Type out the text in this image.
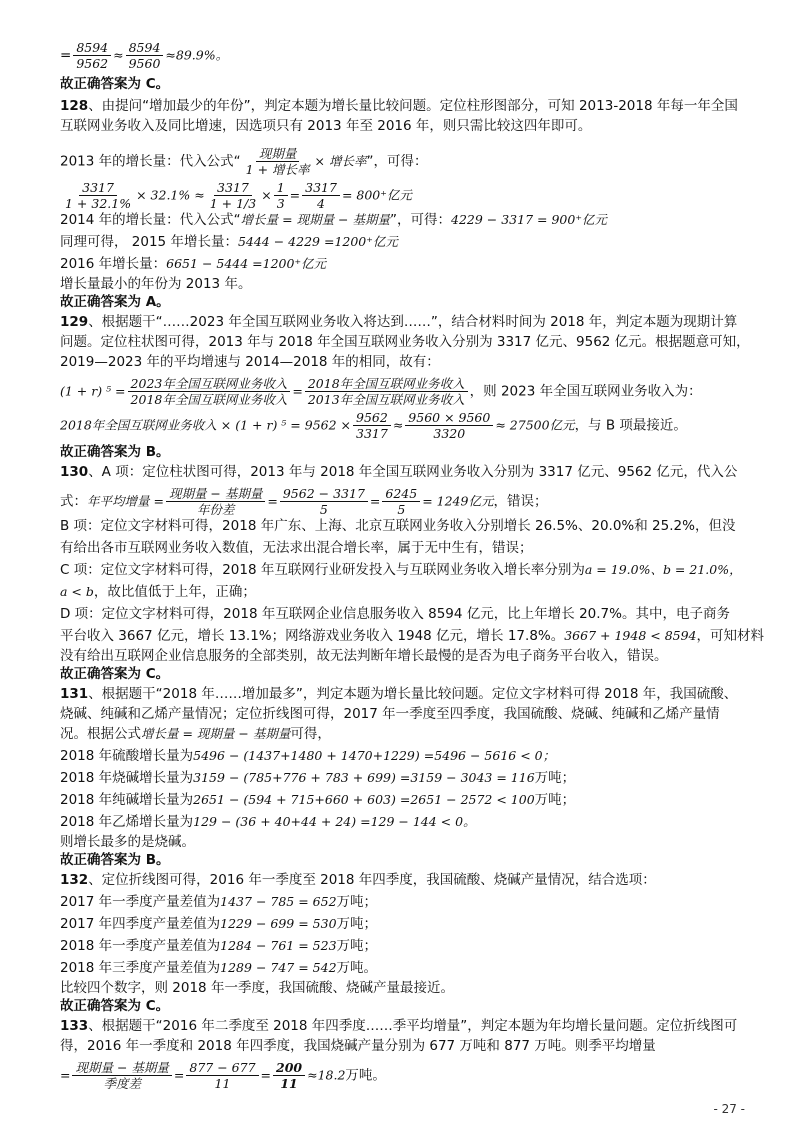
= $\frac{8594}{9562} \approx \frac{8594}{9560} \approx 89.9\%$。
故正确答案为 C。
128、由提问“增加最少的年份”，判定本题为增长量比较问题。定位柱形图部分，可知 2013-2018 年每一年全国
互联网业务收入及同比增速，因选项只有 2013 年至 2016 年，则只需比较这四年即可。
2013 年的增长量：代入公式“ $\frac{\text{现期量}}{\text{1 + 增长率}}$ × 增长率”，可得：
$\frac{3317}{1 + 32.1\%} \times 32.1\% \approx \frac{3317}{1 + 1/3} \times \frac{1}{3} = \frac{3317}{4} = 800^+$亿元
2014 年的增长量：代入公式“增长量 = 现期量 − 基期量”，可得：4229 − 3317 = 900⁺亿元
同理可得， 2015 年增长量：5444 − 4229 =1200⁺亿元
2016 年增长量：6651 − 5444 =1200⁺亿元
增长量最小的年份为 2013 年。
故正确答案为 A。
129、根据题干“……2023 年全国互联网业务收入将达到……”，结合材料时间为 2018 年，判定本题为现期计算
问题。定位柱状图可得，2013 年与 2018 年全国互联网业务收入分别为 3317 亿元、9562 亿元。根据题意可知，
2019—2023 年的平均增速与 2014—2018 年的相同，故有：
(1 + r) $^5 = \frac{\text{2023年全国互联网业务收入}}{\text{2018年全国互联网业务收入}} = \frac{\text{2018年全国互联网业务收入}}{\text{2013年全国互联网业务收入}}$ ，则 2023 年全国互联网业务收入为：
2018年全国互联网业务收入 × (1 + r) $^5 = 9562 \times \frac{9562}{3317} \approx \frac{9560 \times 9560}{3320} \approx 27500$亿元，与 B 项最接近。
故正确答案为 B。
130、A 项：定位柱状图可得，2013 年与 2018 年全国互联网业务收入分别为 3317 亿元、9562 亿元，代入公
式：年平均增量 = $\frac{\text{现期量 − 基期量}}{\text{年份差}} = \frac{9562 - 3317}{5} = \frac{6245}{5} = 1249$亿元，错误；
B 项：定位文字材料可得，2018 年广东、上海、北京互联网业务收入分别增长 26.5%、20.0%和 25.2%，但没
有给出各市互联网业务收入数值，无法求出混合增长率，属于无中生有，错误；
C 项：定位文字材料可得，2018 年互联网行业研发投入与互联网业务收入增长率分别为a = 19.0%、b = 21.0%，
a < b，故比值低于上年，正确；
D 项：定位文字材料可得，2018 年互联网企业信息服务收入 8594 亿元，比上年增长 20.7%。其中，电子商务
平台收入 3667 亿元，增长 13.1%；网络游戏业务收入 1948 亿元，增长 17.8%。3667 + 1948 < 8594，可知材料
没有给出互联网企业信息服务的全部类别，故无法判断年增长最慢的是否为电子商务平台收入，错误。
故正确答案为 C。
131、根据题干“2018 年……增加最多”，判定本题为增长量比较问题。定位文字材料可得 2018 年，我国硫酸、
烧碱、纯碱和乙烯产量情况；定位折线图可得，2017 年一季度至四季度，我国硫酸、烧碱、纯碱和乙烯产量情
况。根据公式增长量 = 现期量 − 基期量可得，
2018 年硫酸增长量为5496 − (1437+1480 + 1470+1229) =5496 − 5616 < 0；
2018 年烧碱增长量为3159 − (785+776 + 783 + 699) =3159 − 3043 = 116万吨；
2018 年纯碱增长量为2651 − (594 + 715+660 + 603) =2651 − 2572 < 100万吨；
2018 年乙烯增长量为129 − (36 + 40+44 + 24) =129 − 144 < 0。
则增长最多的是烧碱。
故正确答案为 B。
132、定位折线图可得，2016 年一季度至 2018 年四季度，我国硫酸、烧碱产量情况，结合选项：
2017 年一季度产量差值为1437 − 785 = 652万吨；
2017 年四季度产量差值为1229 − 699 = 530万吨；
2018 年一季度产量差值为1284 − 761 = 523万吨；
2018 年三季度产量差值为1289 − 747 = 542万吨。
比较四个数字，则 2018 年一季度，我国硫酸、烧碱产量最接近。
故正确答案为 C。
133、根据题干“2016 年二季度至 2018 年四季度……季平均增量”，判定本题为年均增长量问题。定位折线图可
得，2016 年一季度和 2018 年四季度，我国烧碱产量分别为 677 万吨和 877 万吨。则季平均增量
= $\frac{\text{现期量 − 基期量}}{\text{季度差}} = \frac{877 - 677}{11} = \frac{200}{11} \approx 18.2$万吨。
- 27 -
